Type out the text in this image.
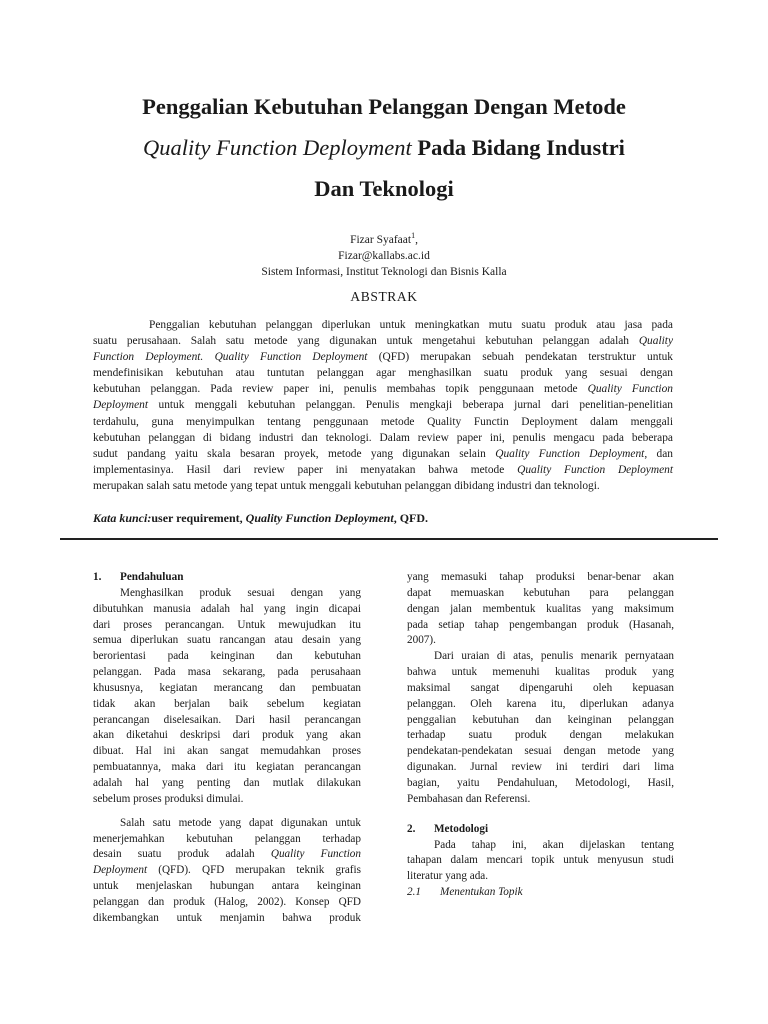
Penggalian Kebutuhan Pelanggan Dengan Metode
Quality Function Deployment Pada Bidang Industri
Dan Teknologi
Fizar Syafaat$^1$,
Fizar@kallabs.ac.id
Sistem Informasi, Institut Teknologi dan Bisnis Kalla
ABSTRAK
Penggalian kebutuhan pelanggan diperlukan untuk meningkatkan mutu suatu produk atau jasa pada
suatu perusahaan. Salah satu metode yang digunakan untuk mengetahui kebutuhan pelanggan adalah Quality
Function Deployment. Quality Function Deployment (QFD) merupakan sebuah pendekatan terstruktur untuk
mendefinisikan kebutuhan atau tuntutan pelanggan agar menghasilkan suatu produk yang sesuai dengan
kebutuhan pelanggan. Pada review paper ini, penulis membahas topik penggunaan metode Quality Function
Deployment untuk menggali kebutuhan pelanggan. Penulis mengkaji beberapa jurnal dari penelitian-penelitian
terdahulu, guna menyimpulkan tentang penggunaan metode Quality Functin Deployment dalam menggali
kebutuhan pelanggan di bidang industri dan teknologi. Dalam review paper ini, penulis mengacu pada beberapa
sudut pandang yaitu skala besaran proyek, metode yang digunakan selain Quality Function Deployment, dan
implementasinya. Hasil dari review paper ini menyatakan bahwa metode Quality Function Deployment
merupakan salah satu metode yang tepat untuk menggali kebutuhan pelanggan dibidang industri dan teknologi.
Kata kunci:user requirement, Quality Function Deployment, QFD.
1. Pendahuluan
Menghasilkan produk sesuai dengan yang
dibutuhkan manusia adalah hal yang ingin dicapai
dari proses perancangan. Untuk mewujudkan itu
semua diperlukan suatu rancangan atau desain yang
berorientasi pada keinginan dan kebutuhan
pelanggan. Pada masa sekarang, pada perusahaan
khususnya, kegiatan merancang dan pembuatan
tidak akan berjalan baik sebelum kegiatan
perancangan diselesaikan. Dari hasil perancangan
akan diketahui deskripsi dari produk yang akan
dibuat. Hal ini akan sangat memudahkan proses
pembuatannya, maka dari itu kegiatan perancangan
adalah hal yang penting dan mutlak dilakukan
sebelum proses produksi dimulai.
Salah satu metode yang dapat digunakan untuk
menerjemahkan kebutuhan pelanggan terhadap
desain suatu produk adalah Quality Function
Deployment (QFD). QFD merupakan teknik grafis
untuk menjelaskan hubungan antara keinginan
pelanggan dan produk (Halog, 2002). Konsep QFD
dikembangkan untuk menjamin bahwa produk
yang memasuki tahap produksi benar-benar akan
dapat memuaskan kebutuhan para pelanggan
dengan jalan membentuk kualitas yang maksimum
pada setiap tahap pengembangan produk (Hasanah,
2007).
Dari uraian di atas, penulis menarik pernyataan
bahwa untuk memenuhi kualitas produk yang
maksimal sangat dipengaruhi oleh kepuasan
pelanggan. Oleh karena itu, diperlukan adanya
penggalian kebutuhan dan keinginan pelanggan
terhadap suatu produk dengan melakukan
pendekatan-pendekatan sesuai dengan metode yang
digunakan. Jurnal review ini terdiri dari lima
bagian, yaitu Pendahuluan, Metodologi, Hasil,
Pembahasan dan Referensi.
2. Metodologi
Pada tahap ini, akan dijelaskan tentang
tahapan dalam mencari topik untuk menyusun studi
literatur yang ada.
2.1 Menentukan Topik
